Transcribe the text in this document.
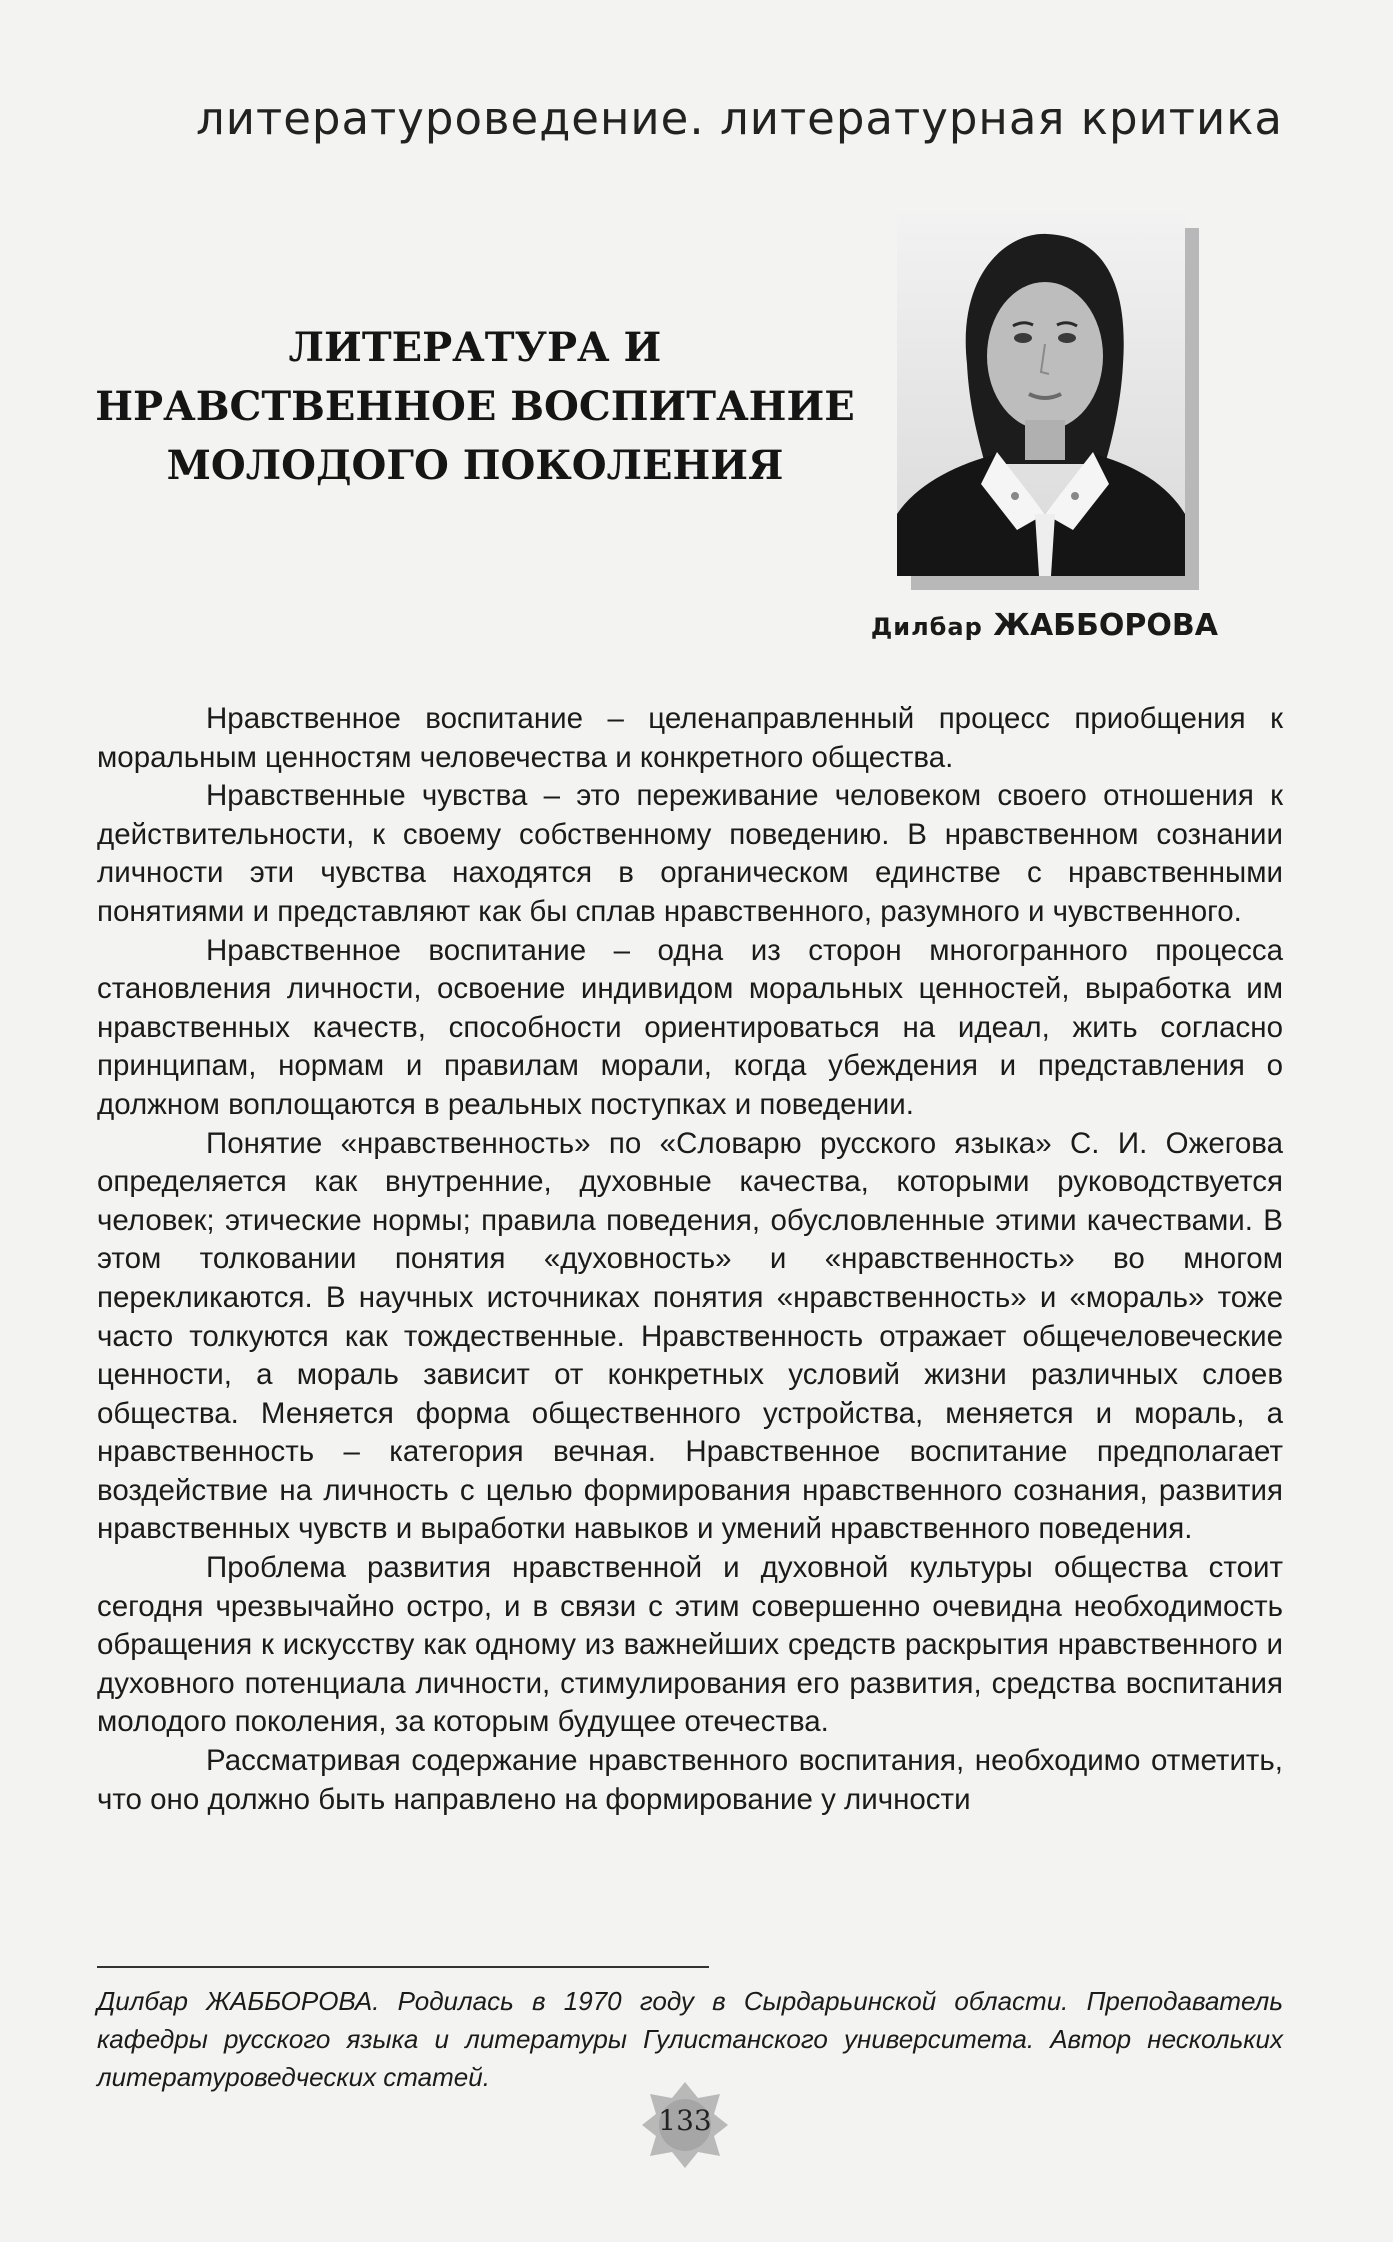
литературоведение. литературная критика
ЛИТЕРАТУРА И
НРАВСТВЕННОЕ ВОСПИТАНИЕ
МОЛОДОГО ПОКОЛЕНИЯ
Дилбар ЖАББОРОВА

Нравственное воспитание – целенаправленный процесс приобщения к моральным ценностям человечества и конкретного общества.

Нравственные чувства – это переживание человеком своего отношения к действительности, к своему собственному поведению. В нравственном сознании личности эти чувства находятся в органическом единстве с нравственными понятиями и представляют как бы сплав нравственного, разумного и чувственного.

Нравственное воспитание – одна из сторон многогранного процесса становления личности, освоение индивидом моральных ценностей, выработка им нравственных качеств, способности ориентироваться на идеал, жить согласно принципам, нормам и правилам морали, когда убеждения и представления о должном воплощаются в реальных поступках и поведении.

Понятие «нравственность» по «Словарю русского языка» С. И. Ожегова определяется как внутренние, духовные качества, которыми руководствуется человек; этические нормы; правила поведения, обусловленные этими качествами. В этом толковании понятия «духовность» и «нравственность» во многом перекликаются. В научных источниках понятия «нравственность» и «мораль» тоже часто толкуются как тождественные. Нравственность отражает общечеловеческие ценности, а мораль зависит от конкретных условий жизни различных слоев общества. Меняется форма общественного устройства, меняется и мораль, а нравственность – категория вечная. Нравственное воспитание предполагает воздействие на личность с целью формирования нравственного сознания, развития нравственных чувств и выработки навыков и умений нравственного поведения.

Проблема развития нравственной и духовной культуры общества стоит сегодня чрезвычайно остро, и в связи с этим совершенно очевидна необходимость обращения к искусству как одному из важнейших средств раскрытия нравственного и духовного потенциала личности, стимулирования его развития, средства воспитания молодого поколения, за которым будущее отечества.

Рассматривая содержание нравственного воспитания, необходимо отметить, что оно должно быть направлено на формирование у личности

Дилбар ЖАББОРОВА. Родилась в 1970 году в Сырдарьинской области. Преподаватель кафедры русского языка и литературы Гулистанского университета. Автор нескольких литературоведческих статей.
133
